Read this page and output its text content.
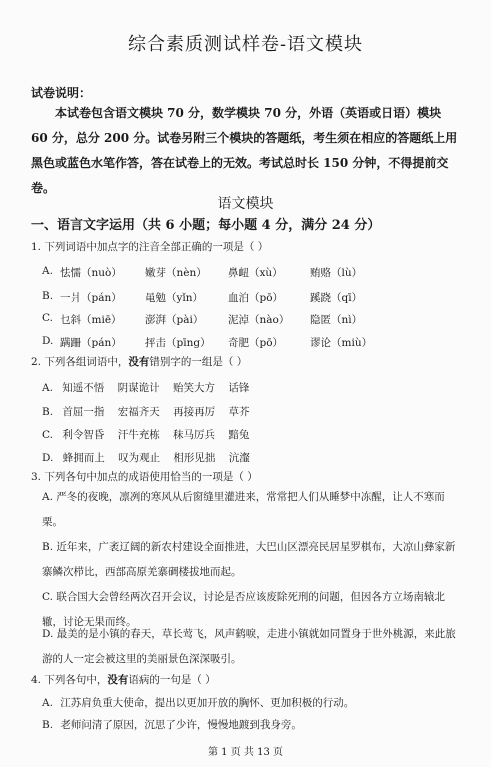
综合素质测试样卷-语文模块
试卷说明：
本试卷包含语文模块 70 分，数学模块 70 分，外语（英语或日语）模块 60 分，总分 200 分。试卷另附三个模块的答题纸，考生须在相应的答题纸上用黑色或蓝色水笔作答，答在试卷上的无效。考试总时长 150 分钟，不得提前交卷。
语文模块
一、语言文字运用（共 6 小题；每小题 4 分，满分 24 分）
1. 下列词语中加点字的注音全部正确的一项是（ ）
A. 怯懦（nuò） 嫩芽（nèn） 鼻衄（xù）	贿赂（lù）
B. 一爿（pán） 黾勉（yǐn） 血泊（pō）	蹊跷（qī）
C. 乜斜（miē） 澎湃（pài） 泥淖（nào） 隐匿（nì）
D. 蹒跚（pán） 抨击（pīng） 奇肥（pō）	谬论（miù）
2. 下列各组词语中，没有错别字的一组是（ ）
A. 知遥不悟    阴谋诡计    贻笑大方    话锋
B. 首屈一指    宏福齐天    再接再厉    草芥
C. 利令智昏    汗牛充栋    秣马厉兵    黯兔
D. 蜂拥而上    叹为观止    相形见拙    沆瀣
3. 下列各句中加点的成语使用恰当的一项是（ ）
A. 严冬的夜晚，凛冽的寒风从后窗缝里灌进来，常常把人们从睡梦中冻醒，让人不寒而栗。
B. 近年来，广袤辽阔的新农村建设全面推进，大巴山区漂亮民居星罗棋布，大凉山彝家新寨鳞次栉比，西部高原羌寨碉楼拔地而起。
C. 联合国大会曾经两次召开会议，讨论是否应该废除死刑的问题，但因各方立场南辕北辙，讨论无果而终。
D. 最美的是小镇的春天，草长莺飞，风声鹤唳，走进小镇就如同置身于世外桃源，来此旅游的人一定会被这里的美丽景色深深吸引。
4. 下列各句中，没有语病的一句是（ ）
A. 江苏肩负重大使命，提出以更加开放的胸怀、更加积极的行动。
B. 老师问清了原因，沉思了少许，慢慢地踱到我身旁。
第 1 页 共 13 页
